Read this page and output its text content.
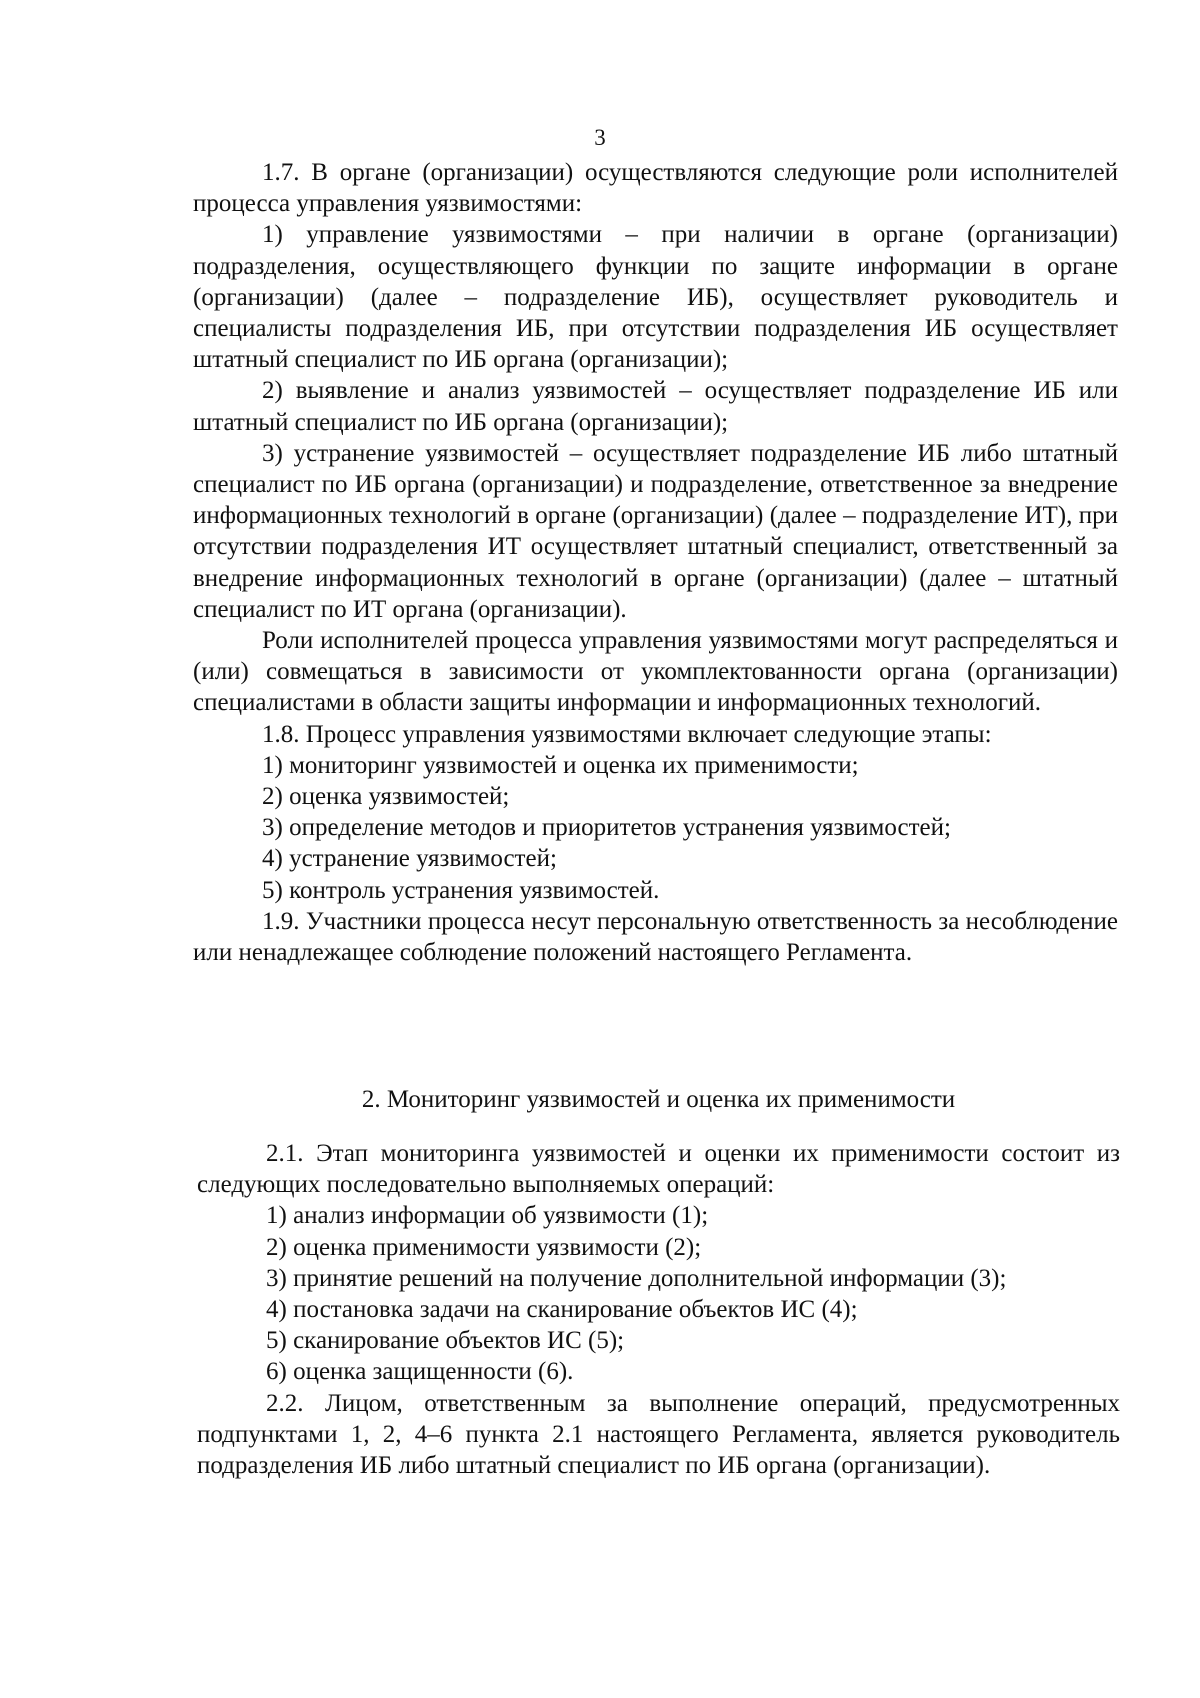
3

1.7. В органе (организации) осуществляются следующие роли исполнителей процесса управления уязвимостями:

1) управление уязвимостями – при наличии в органе (организации) подразделения, осуществляющего функции по защите информации в органе (организации) (далее – подразделение ИБ), осуществляет руководитель и специалисты подразделения ИБ, при отсутствии подразделения ИБ осуществляет штатный специалист по ИБ органа (организации);

2) выявление и анализ уязвимостей – осуществляет подразделение ИБ или штатный специалист по ИБ органа (организации);

3) устранение уязвимостей – осуществляет подразделение ИБ либо штатный специалист по ИБ органа (организации) и подразделение, ответственное за внедрение информационных технологий в органе (организации) (далее – подразделение ИТ), при отсутствии подразделения ИТ осуществляет штатный специалист, ответственный за внедрение информационных технологий в органе (организации) (далее – штатный специалист по ИТ органа (организации).

Роли исполнителей процесса управления уязвимостями могут распределяться и (или) совмещаться в зависимости от укомплектованности органа (организации) специалистами в области защиты информации и информационных технологий.

1.8. Процесс управления уязвимостями включает следующие этапы:

1) мониторинг уязвимостей и оценка их применимости;

2) оценка уязвимостей;

3) определение методов и приоритетов устранения уязвимостей;

4) устранение уязвимостей;

5) контроль устранения уязвимостей.

1.9. Участники процесса несут персональную ответственность за несоблюдение или ненадлежащее соблюдение положений настоящего Регламента.

2. Мониторинг уязвимостей и оценка их применимости

2.1. Этап мониторинга уязвимостей и оценки их применимости состоит из следующих последовательно выполняемых операций:

1) анализ информации об уязвимости (1);

2) оценка применимости уязвимости (2);

3) принятие решений на получение дополнительной информации (3);

4) постановка задачи на сканирование объектов ИС (4);

5) сканирование объектов ИС (5);

6) оценка защищенности (6).

2.2. Лицом, ответственным за выполнение операций, предусмотренных подпунктами 1, 2, 4–6 пункта 2.1 настоящего Регламента, является руководитель подразделения ИБ либо штатный специалист по ИБ органа (организации).
